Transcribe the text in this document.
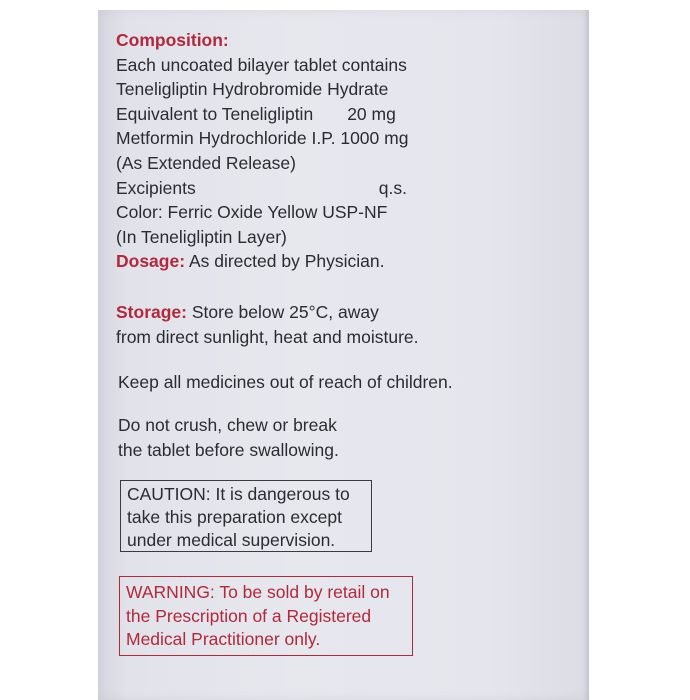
Composition:
Each uncoated bilayer tablet contains
Teneligliptin Hydrobromide Hydrate
Equivalent to Teneligliptin 20 mg
Metformin Hydrochloride I.P. 1000 mg
(As Extended Release)
Excipients	q.s.
Color: Ferric Oxide Yellow USP-NF
(In Teneligliptin Layer)
Dosage: As directed by Physician.
Storage: Store below 25°C, away
from direct sunlight, heat and moisture.
Keep all medicines out of reach of children.
Do not crush, chew or break
the tablet before swallowing.
CAUTION: It is dangerous to
take this preparation except
under medical supervision.
WARNING: To be sold by retail on
the Prescription of a Registered
Medical Practitioner only.
